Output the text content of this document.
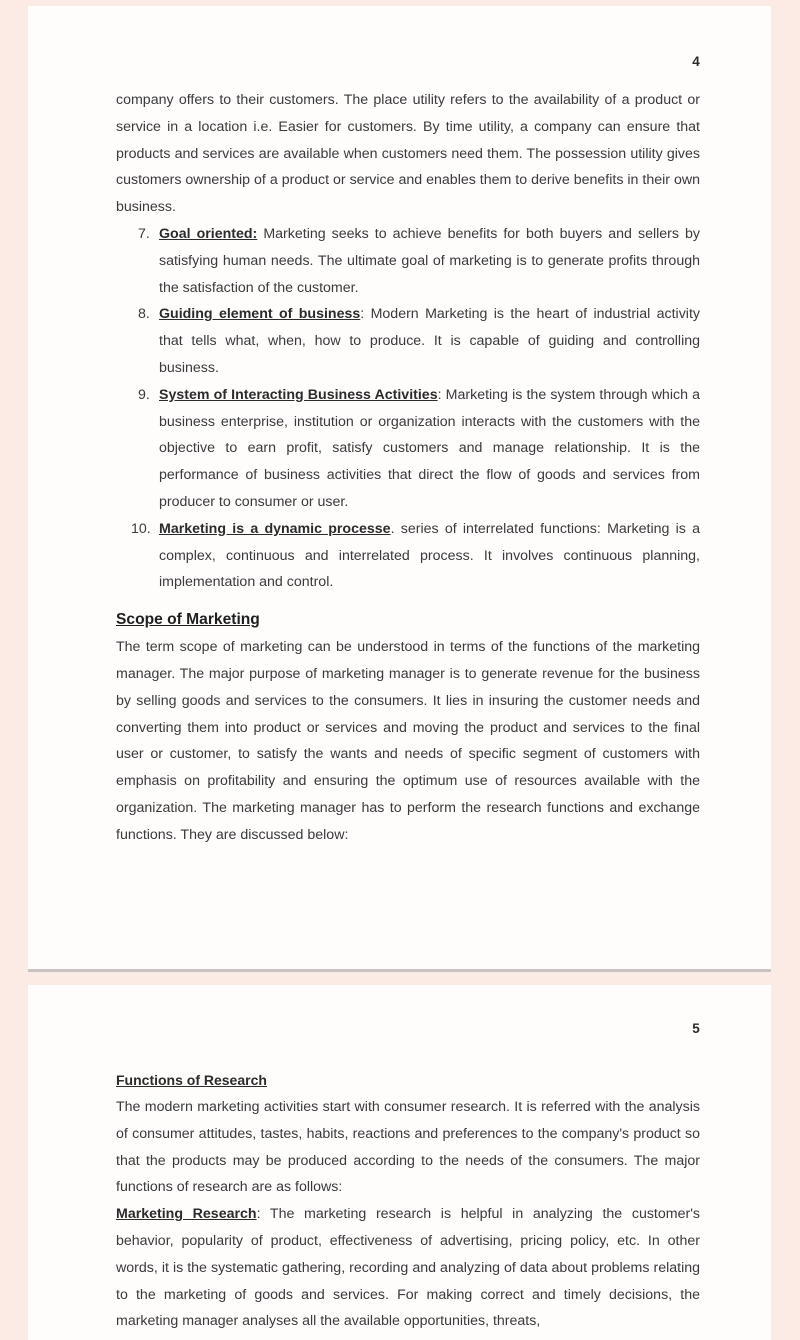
4

company offers to their customers. The place utility refers to the availability of a product or service in a location i.e. Easier for customers. By time utility, a company can ensure that products and services are available when customers need them. The possession utility gives customers ownership of a product or service and enables them to derive benefits in their own business.

7. Goal oriented: Marketing seeks to achieve benefits for both buyers and sellers by satisfying human needs. The ultimate goal of marketing is to generate profits through the satisfaction of the customer.
8. Guiding element of business: Modern Marketing is the heart of industrial activity that tells what, when, how to produce. It is capable of guiding and controlling business.
9. System of Interacting Business Activities: Marketing is the system through which a business enterprise, institution or organization interacts with the customers with the objective to earn profit, satisfy customers and manage relationship. It is the performance of business activities that direct the flow of goods and services from producer to consumer or user.
10. Marketing is a dynamic processe. series of interrelated functions: Marketing is a complex, continuous and interrelated process. It involves continuous planning, implementation and control.
Scope of Marketing

The term scope of marketing can be understood in terms of the functions of the marketing manager. The major purpose of marketing manager is to generate revenue for the business by selling goods and services to the consumers. It lies in insuring the customer needs and converting them into product or services and moving the product and services to the final user or customer, to satisfy the wants and needs of specific segment of customers with emphasis on profitability and ensuring the optimum use of resources available with the organization. The marketing manager has to perform the research functions and exchange functions. They are discussed below:

5
Functions of Research

The modern marketing activities start with consumer research. It is referred with the analysis of consumer attitudes, tastes, habits, reactions and preferences to the company's product so that the products may be produced according to the needs of the consumers. The major functions of research are as follows:

Marketing Research: The marketing research is helpful in analyzing the customer's behavior, popularity of product, effectiveness of advertising, pricing policy, etc. In other words, it is the systematic gathering, recording and analyzing of data about problems relating to the marketing of goods and services. For making correct and timely decisions, the marketing manager analyses all the available opportunities, threats,
